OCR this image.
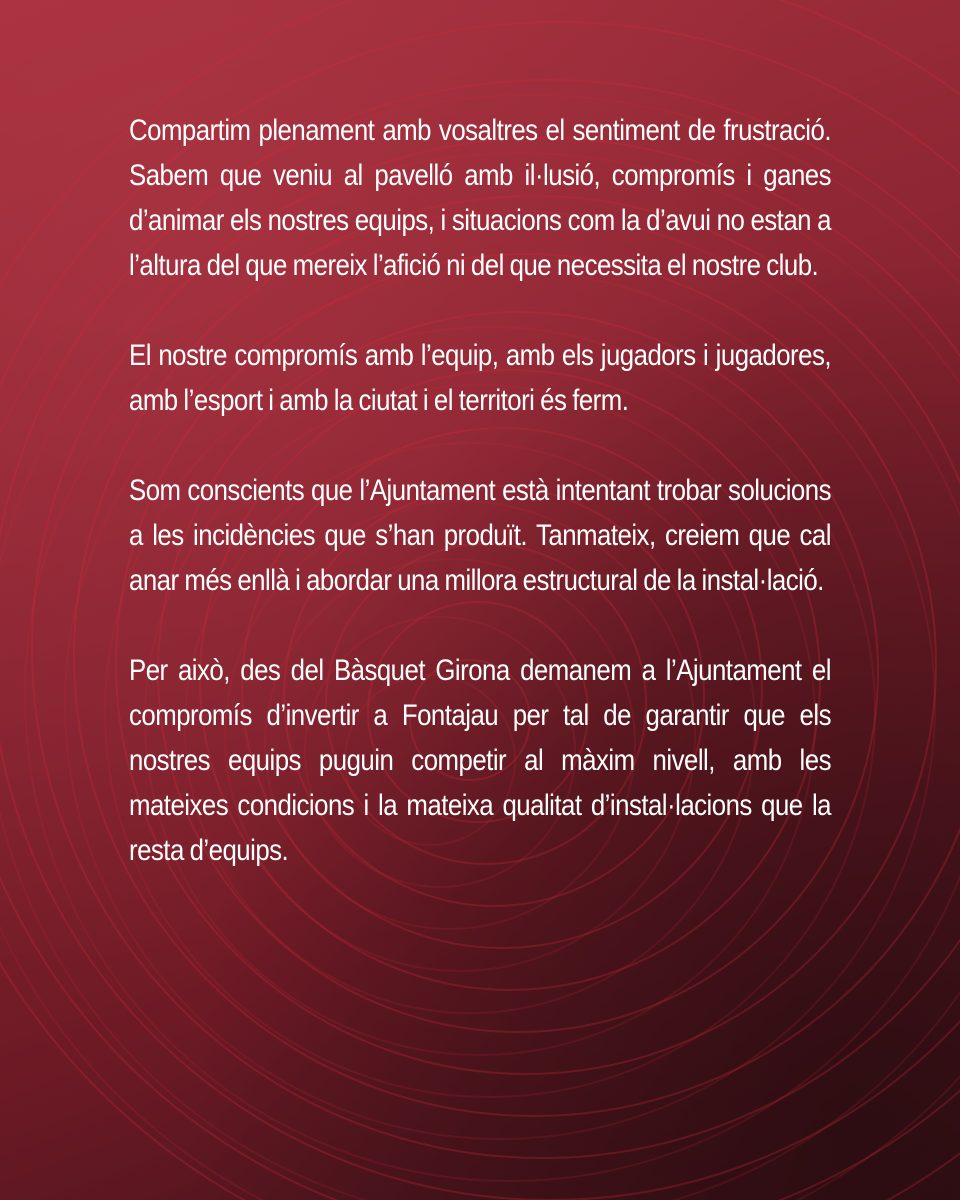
Compartim plenament amb vosaltres el sentiment de frustració. Sabem que veniu al pavelló amb il·lusió, compromís i ganes d’animar els nostres equips, i situacions com la d’avui no estan a l’altura del que mereix l’afició ni del que necessita el nostre club.

El nostre compromís amb l’equip, amb els jugadors i jugadores, amb l’esport i amb la ciutat i el territori és ferm.

Som conscients que l’Ajuntament està intentant trobar solucions a les incidències que s’han produït. Tanmateix, creiem que cal anar més enllà i abordar una millora estructural de la instal·lació.

Per això, des del Bàsquet Girona demanem a l’Ajuntament el compromís d’invertir a Fontajau per tal de garantir que els nostres equips puguin competir al màxim nivell, amb les mateixes condicions i la mateixa qualitat d’instal·lacions que la resta d’equips.
